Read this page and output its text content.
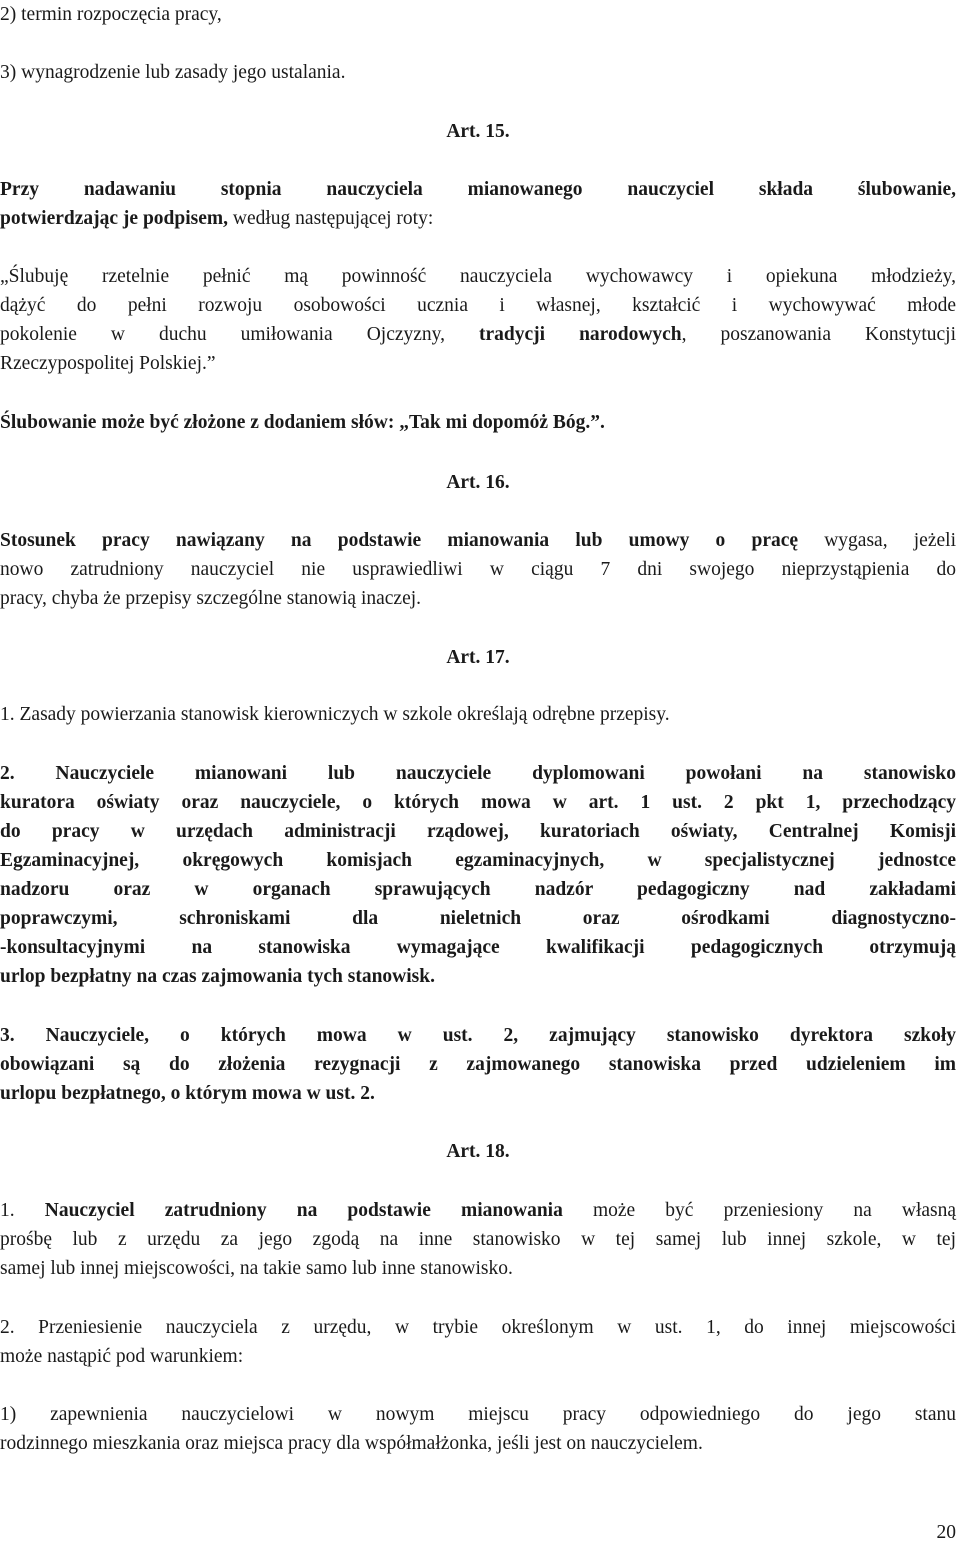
2) termin rozpoczęcia pracy,
3) wynagrodzenie lub zasady jego ustalania.
Art. 15.
Przy nadawaniu stopnia nauczyciela mianowanego nauczyciel składa ślubowanie,
potwierdzając je podpisem, według następującej roty:
„Ślubuję rzetelnie pełnić mą powinność nauczyciela wychowawcy i opiekuna młodzieży,
dążyć do pełni rozwoju osobowości ucznia i własnej, kształcić i wychowywać młode
pokolenie w duchu umiłowania Ojczyzny, tradycji narodowych, poszanowania Konstytucji
Rzeczypospolitej Polskiej.”
Ślubowanie może być złożone z dodaniem słów: „Tak mi dopomóż Bóg.”.
Art. 16.
Stosunek pracy nawiązany na podstawie mianowania lub umowy o pracę wygasa, jeżeli
nowo zatrudniony nauczyciel nie usprawiedliwi w ciągu 7 dni swojego nieprzystąpienia do
pracy, chyba że przepisy szczególne stanowią inaczej.
Art. 17.
1. Zasady powierzania stanowisk kierowniczych w szkole określają odrębne przepisy.
2. Nauczyciele mianowani lub nauczyciele dyplomowani powołani na stanowisko
kuratora oświaty oraz nauczyciele, o których mowa w art. 1 ust. 2 pkt 1, przechodzący
do pracy w urzędach administracji rządowej, kuratoriach oświaty, Centralnej Komisji
Egzaminacyjnej, okręgowych komisjach egzaminacyjnych, w specjalistycznej jednostce
nadzoru oraz w organach sprawujących nadzór pedagogiczny nad zakładami
poprawczymi, schroniskami dla nieletnich oraz ośrodkami diagnostyczno-
-konsultacyjnymi na stanowiska wymagające kwalifikacji pedagogicznych otrzymują
urlop bezpłatny na czas zajmowania tych stanowisk.
3. Nauczyciele, o których mowa w ust. 2, zajmujący stanowisko dyrektora szkoły
obowiązani są do złożenia rezygnacji z zajmowanego stanowiska przed udzieleniem im
urlopu bezpłatnego, o którym mowa w ust. 2.
Art. 18.
1. Nauczyciel zatrudniony na podstawie mianowania może być przeniesiony na własną
prośbę lub z urzędu za jego zgodą na inne stanowisko w tej samej lub innej szkole, w tej
samej lub innej miejscowości, na takie samo lub inne stanowisko.
2. Przeniesienie nauczyciela z urzędu, w trybie określonym w ust. 1, do innej miejscowości
może nastąpić pod warunkiem:
1) zapewnienia nauczycielowi w nowym miejscu pracy odpowiedniego do jego stanu
rodzinnego mieszkania oraz miejsca pracy dla współmałżonka, jeśli jest on nauczycielem.
20
